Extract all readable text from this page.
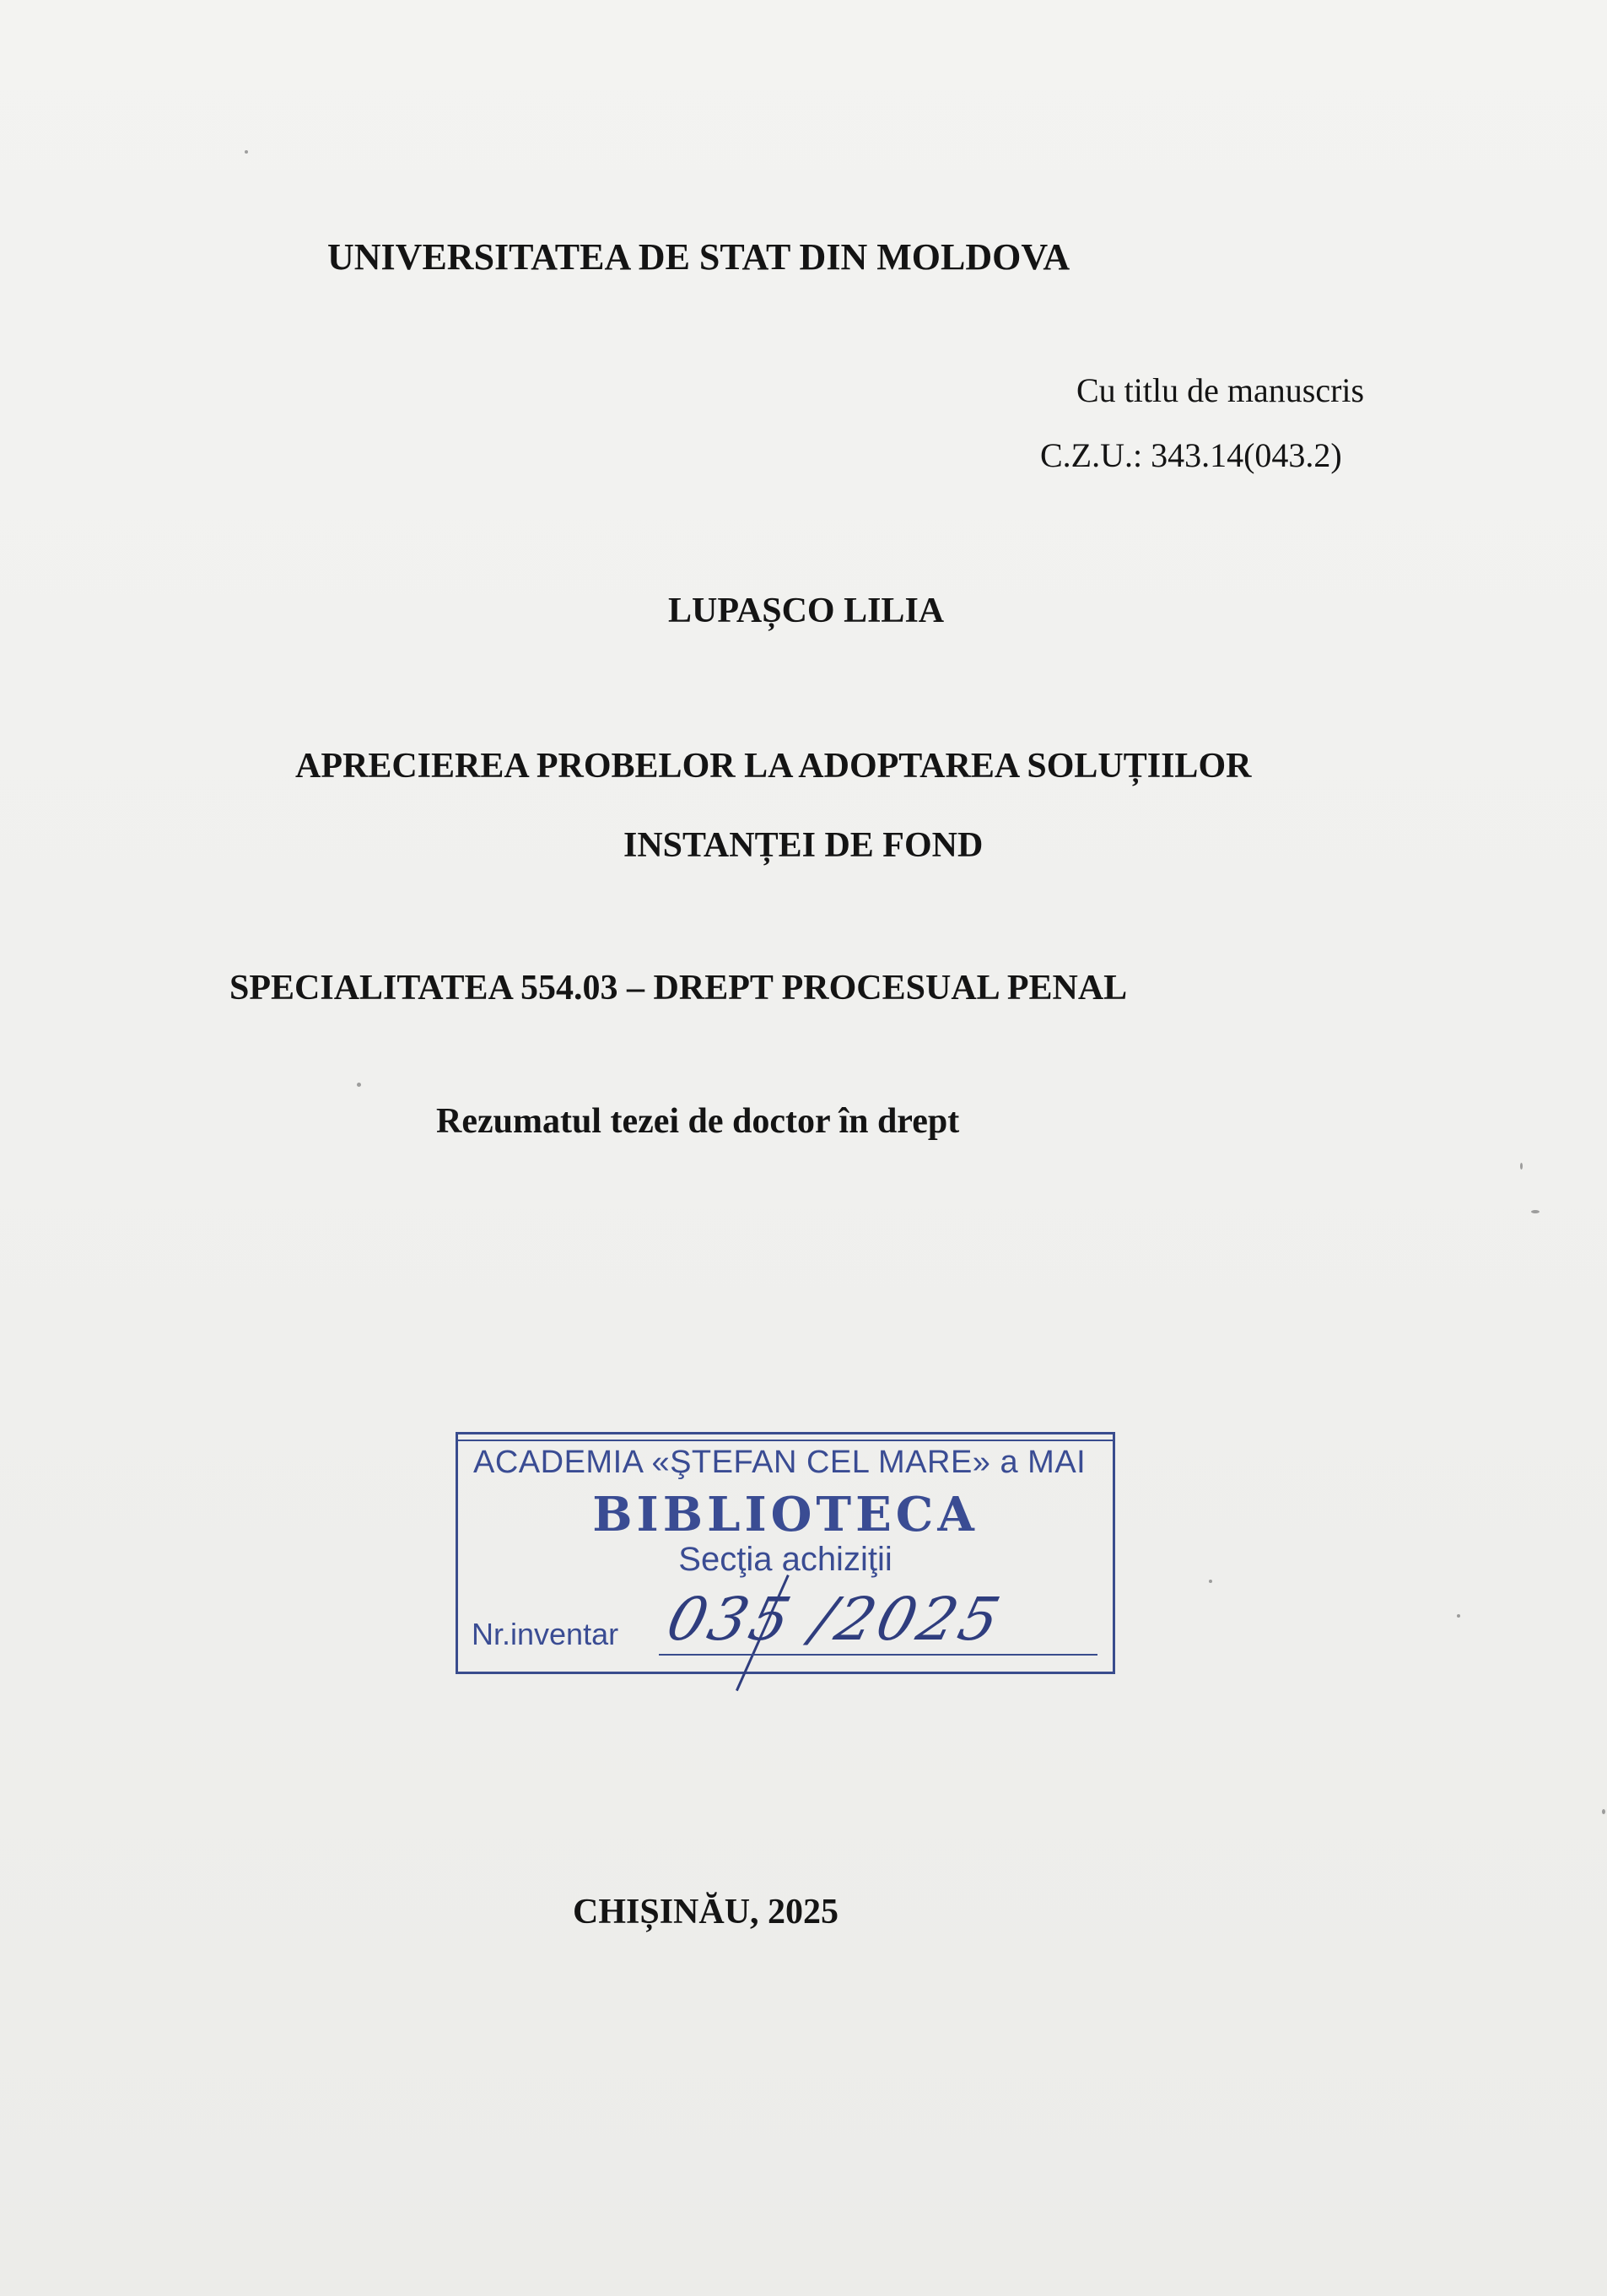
UNIVERSITATEA DE STAT DIN MOLDOVA
Cu titlu de manuscris
C.Z.U.: 343.14(043.2)
LUPAȘCO LILIA
APRECIEREA PROBELOR LA ADOPTAREA SOLUȚIILOR
INSTANȚEI DE FOND
SPECIALITATEA 554.03 – DREPT PROCESUAL PENAL
Rezumatul tezei de doctor în drept
ACADEMIA «ŞTEFAN CEL MARE» a MAI
BIBLIOTECA
Secţia achiziţii
Nr.inventar 035 /2025
CHIȘINĂU, 2025
